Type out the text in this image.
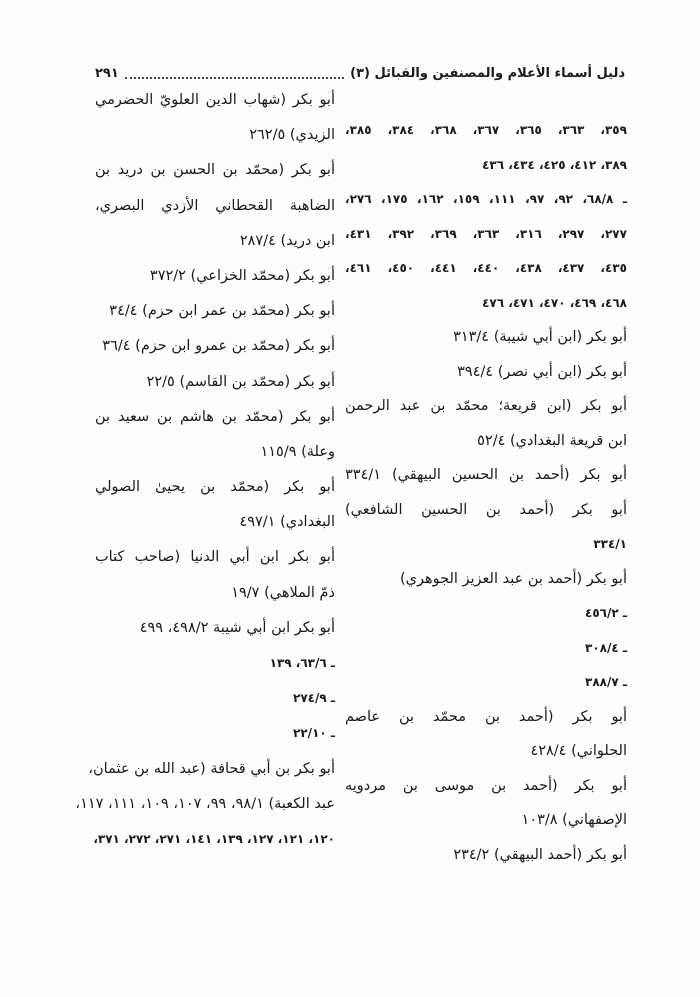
دليل أسماء الأعلام والمصنفين والقبائل (٣)
٢٩١
٣٥٩، ٣٦٣، ٣٦٥، ٣٦٧، ٣٦٨، ٣٨٤، ٣٨٥،
٣٨٩، ٤١٢، ٤٢٥، ٤٣٤، ٤٣٦
ـ ٦٨/٨، ٩٢، ٩٧، ١١١، ١٥٩، ١٦٢، ١٧٥، ٢٧٦،
٢٧٧، ٢٩٧، ٣١٦، ٣٦٣، ٣٦٩، ٣٩٢، ٤٣١،
٤٣٥، ٤٣٧، ٤٣٨، ٤٤٠، ٤٤١، ٤٥٠، ٤٦١،
٤٦٨، ٤٦٩، ٤٧٠، ٤٧١، ٤٧٦
أبو بكر (ابن أبي شيبة) ٣١٣/٤
أبو بكر (ابن أبي نصر) ٣٩٤/٤
أبو بكر (ابن قريعة؛ محمّد بن عبد الرحمن
ابن قريعة البغدادي) ٥٢/٤
أبو بكر (أحمد بن الحسين البيهقي) ٣٣٤/١
أبو بكر (أحمد بن الحسين الشافعي)
٣٣٤/١
أبو بكر (أحمد بن عبد العزيز الجوهري)
ـ ٤٥٦/٢
ـ ٣٠٨/٤
ـ ٣٨٨/٧
أبو بكر (أحمد بن محمّد بن عاصم
الحلواني) ٤٢٨/٤
أبو بكر (أحمد بن موسى بن مردويه
الإصفهاني) ١٠٣/٨
أبو بكر (أحمد البيهقي) ٢٣٤/٢
أبو بكر (شهاب الدين العلويّ الحضرمي
الزيدي) ٢٦٢/٥
أبو بكر (محمّد بن الحسن بن دريد بن
الضاهبة القحطاني الأزدي البصري،
ابن دريد) ٢٨٧/٤
أبو بكر (محمّد الخزاعي) ٣٧٢/٢
أبو بكر (محمّد بن عمر ابن حزم) ٣٤/٤
أبو بكر (محمّد بن عمرو ابن حزم) ٣٦/٤
أبو بكر (محمّد بن القاسم) ٢٢/٥
أبو بكر (محمّد بن هاشم بن سعيد بن
وعلة) ١١٥/٩
أبو بكر (محمّد بن يحيىٰ الصولي
البغدادي) ٤٩٧/١
أبو بكر ابن أبي الدنيا (صاحب كتاب
ذمّ الملاهي) ١٩/٧
أبو بكر ابن أبي شيبة ٤٩٨/٢، ٤٩٩
ـ ٦٣/٦، ١٣٩
ـ ٢٧٤/٩
ـ ٢٢/١٠
أبو بكر بن أبي قحافة (عبد الله بن عثمان،
عبد الكعبة) ٩٨/١، ٩٩، ١٠٧، ١٠٩، ١١١، ١١٧،
١٢٠، ١٢١، ١٢٧، ١٣٩، ١٤١، ٢٧١، ٢٧٢، ٣٧١،
